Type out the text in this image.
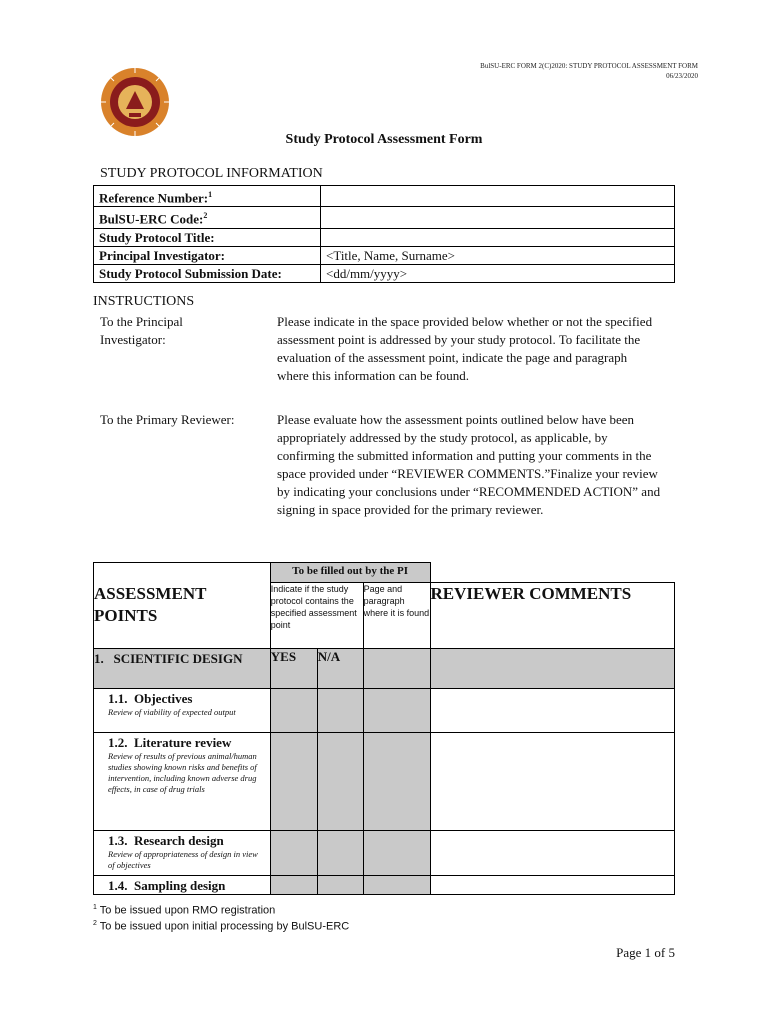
BulSU-ERC FORM 2(C)2020: STUDY PROTOCOL ASSESSMENT FORM
06/23/2020
Study Protocol Assessment Form
STUDY PROTOCOL INFORMATION
Reference Number:$^1$	
BulSU-ERC Code:$^2$	
Study Protocol Title:	
Principal Investigator:	<Title, Name, Surname>
Study Protocol Submission Date:	<dd/mm/yyyy>
INSTRUCTIONS
To the Principal Investigator:
Please indicate in the space provided below whether or not the specified assessment point is addressed by your study protocol. To facilitate the evaluation of the assessment point, indicate the page and paragraph where this information can be found.
To the Primary Reviewer:	Please evaluate how the assessment points outlined below have been appropriately addressed by the study protocol, as applicable, by confirming the submitted information and putting your comments in the space provided under “REVIEWER COMMENTS.”Finalize your review by indicating your conclusions under “RECOMMENDED ACTION” and signing in space provided for the primary reviewer.
	To be filled out by the PI			
ASSESSMENT POINTS	Indicate if the study protocol contains the specified assessment point		Page and paragraph where it is found	REVIEWER COMMENTS
1.   SCIENTIFIC DESIGN	YES	N/A		

1.1.  Objectives
Review of viability of expected output				

1.2.  Literature review
Review of results of previous animal/human studies showing known risks and benefits of intervention, including known adverse drug effects, in case of drug trials				

1.3.  Research design
Review of appropriateness of design in view of objectives				

1.4.  Sampling design				

$^1$ To be issued upon RMO registration
$^2$ To be issued upon initial processing by BulSU-ERC
Page 1 of 5
